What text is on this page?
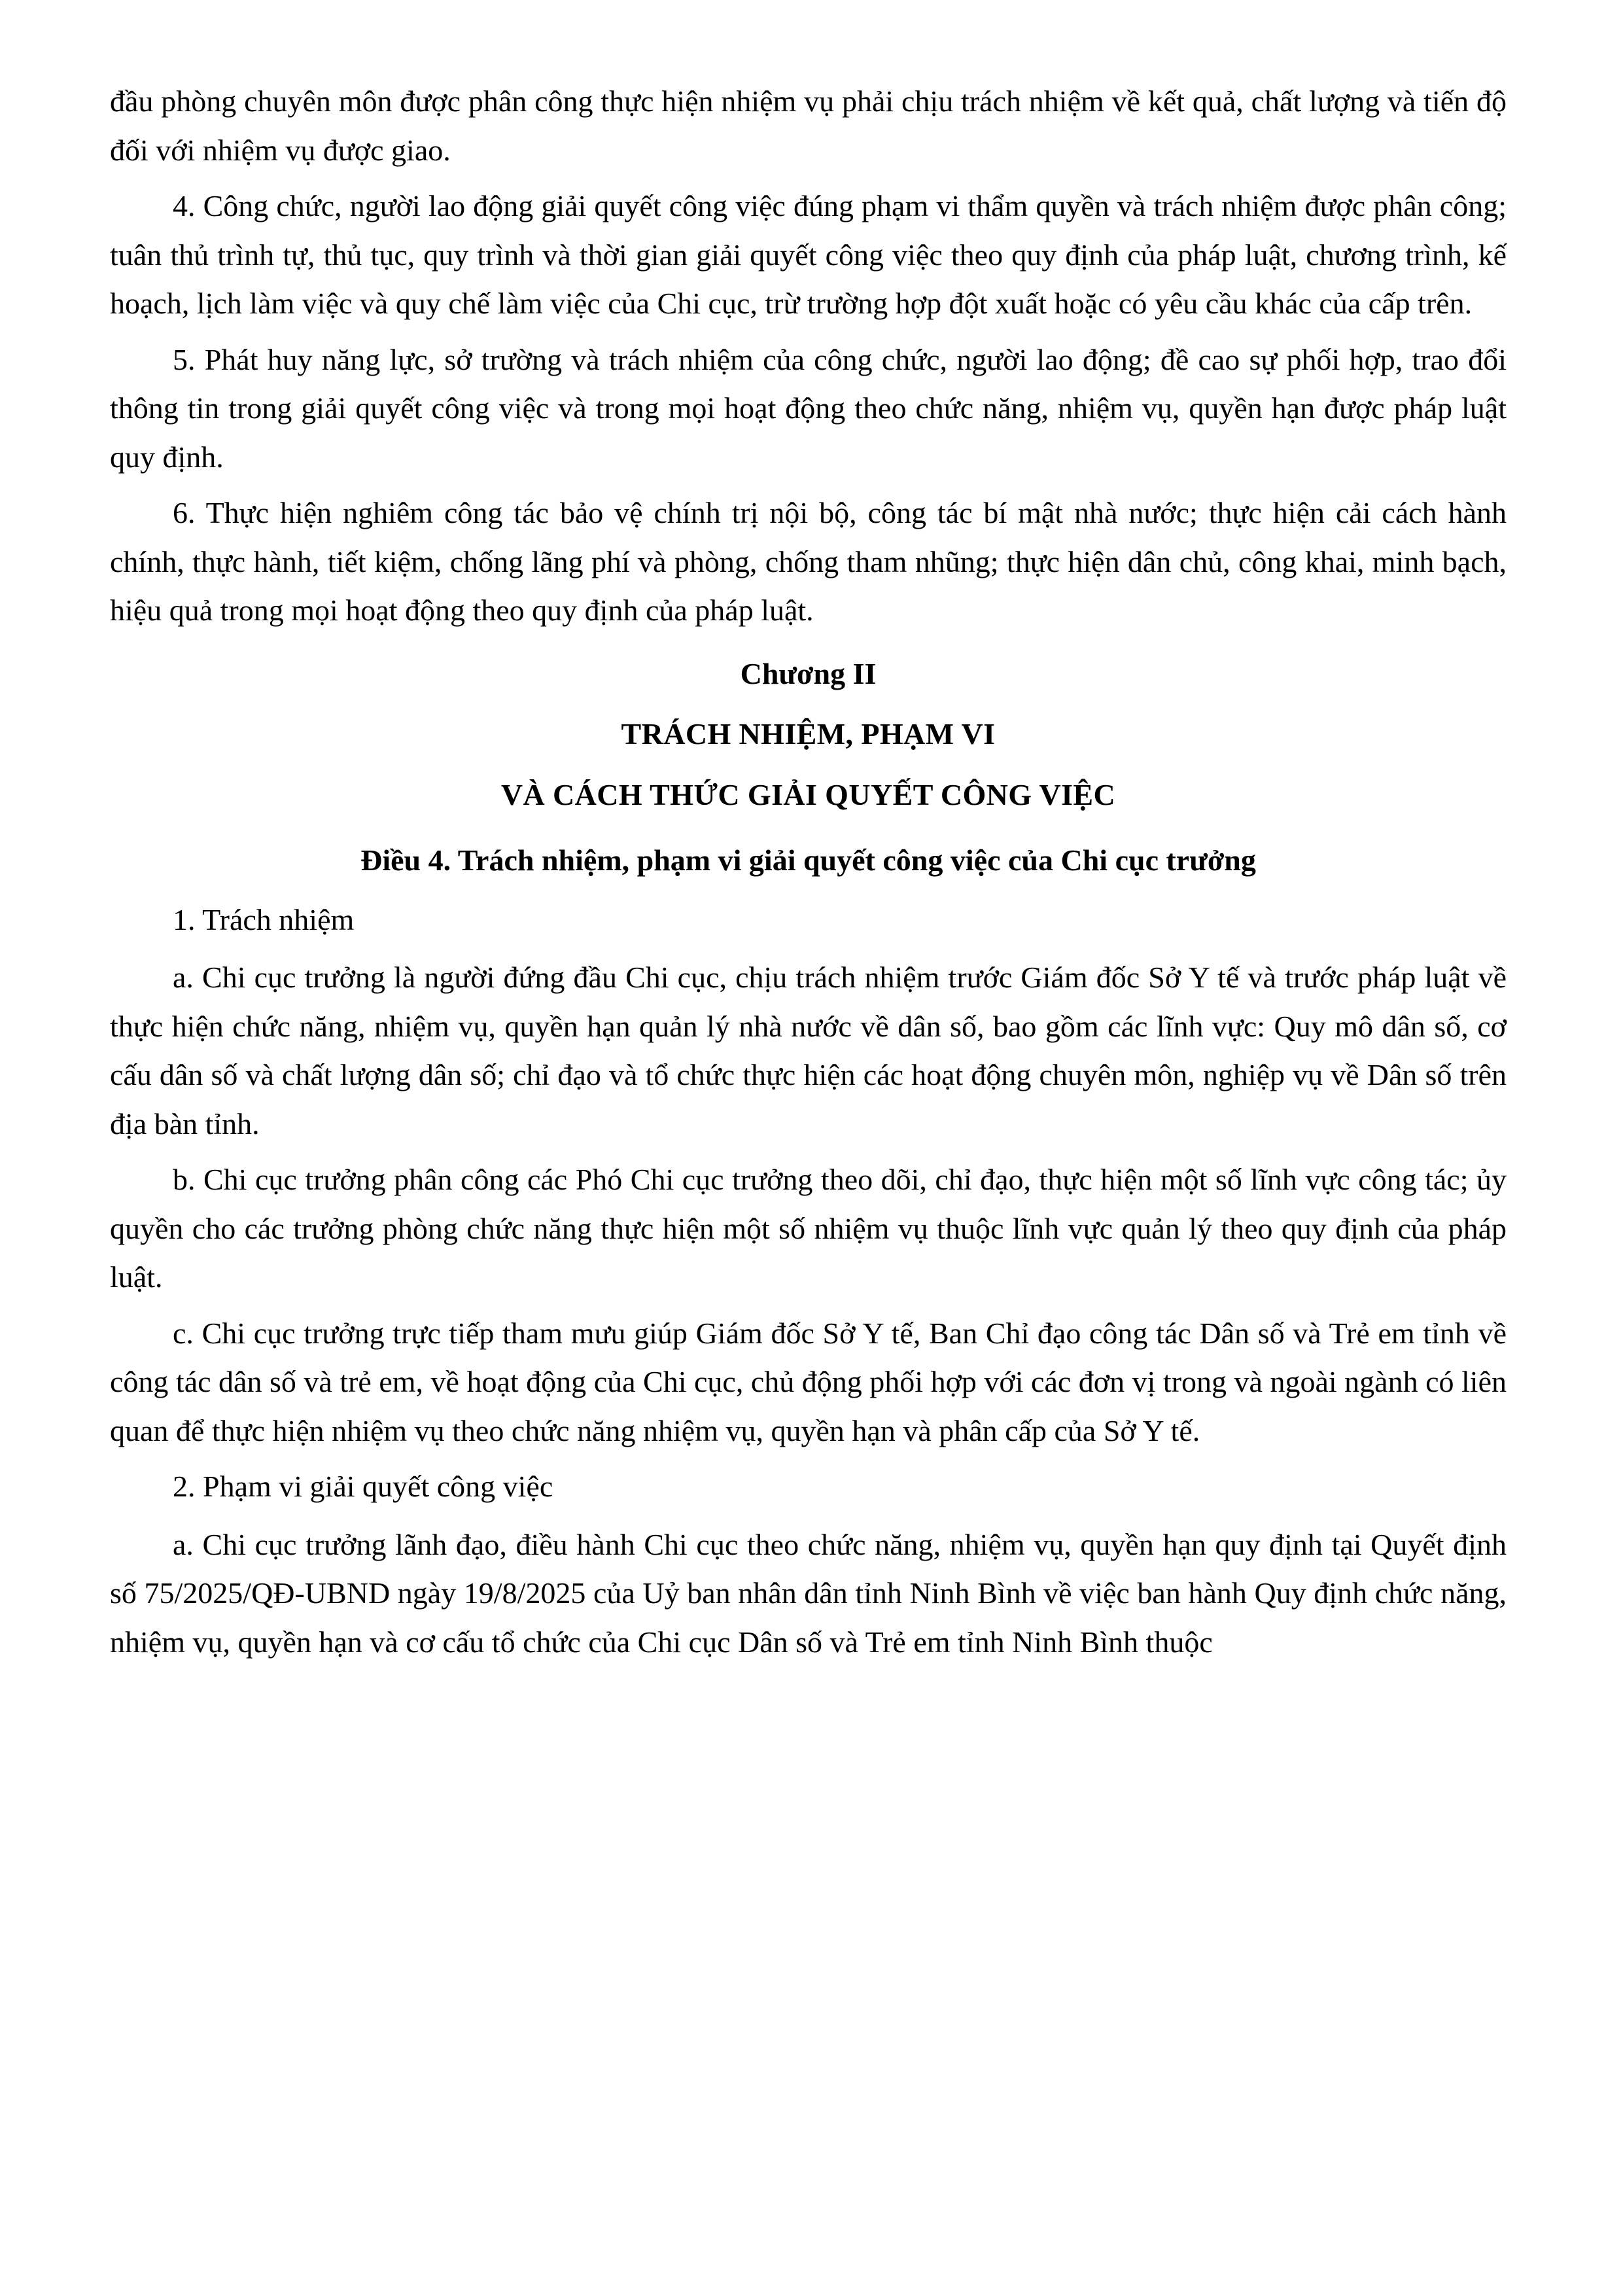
đầu phòng chuyên môn được phân công thực hiện nhiệm vụ phải chịu trách nhiệm về kết quả, chất lượng và tiến độ đối với nhiệm vụ được giao.

4. Công chức, người lao động giải quyết công việc đúng phạm vi thẩm quyền và trách nhiệm được phân công; tuân thủ trình tự, thủ tục, quy trình và thời gian giải quyết công việc theo quy định của pháp luật, chương trình, kế hoạch, lịch làm việc và quy chế làm việc của Chi cục, trừ trường hợp đột xuất hoặc có yêu cầu khác của cấp trên.

5. Phát huy năng lực, sở trường và trách nhiệm của công chức, người lao động; đề cao sự phối hợp, trao đổi thông tin trong giải quyết công việc và trong mọi hoạt động theo chức năng, nhiệm vụ, quyền hạn được pháp luật quy định.

6. Thực hiện nghiêm công tác bảo vệ chính trị nội bộ, công tác bí mật nhà nước; thực hiện cải cách hành chính, thực hành, tiết kiệm, chống lãng phí và phòng, chống tham nhũng; thực hiện dân chủ, công khai, minh bạch, hiệu quả trong mọi hoạt động theo quy định của pháp luật.

Chương II

TRÁCH NHIỆM, PHẠM VI

VÀ CÁCH THỨC GIẢI QUYẾT CÔNG VIỆC

Điều 4. Trách nhiệm, phạm vi giải quyết công việc của Chi cục trưởng

1. Trách nhiệm

a. Chi cục trưởng là người đứng đầu Chi cục, chịu trách nhiệm trước Giám đốc Sở Y tế và trước pháp luật về thực hiện chức năng, nhiệm vụ, quyền hạn quản lý nhà nước về dân số, bao gồm các lĩnh vực: Quy mô dân số, cơ cấu dân số và chất lượng dân số; chỉ đạo và tổ chức thực hiện các hoạt động chuyên môn, nghiệp vụ về Dân số trên địa bàn tỉnh.

b. Chi cục trưởng phân công các Phó Chi cục trưởng theo dõi, chỉ đạo, thực hiện một số lĩnh vực công tác; ủy quyền cho các trưởng phòng chức năng thực hiện một số nhiệm vụ thuộc lĩnh vực quản lý theo quy định của pháp luật.

c. Chi cục trưởng trực tiếp tham mưu giúp Giám đốc Sở Y tế, Ban Chỉ đạo công tác Dân số và Trẻ em tỉnh về công tác dân số và trẻ em, về hoạt động của Chi cục, chủ động phối hợp với các đơn vị trong và ngoài ngành có liên quan để thực hiện nhiệm vụ theo chức năng nhiệm vụ, quyền hạn và phân cấp của Sở Y tế.

2. Phạm vi giải quyết công việc

a. Chi cục trưởng lãnh đạo, điều hành Chi cục theo chức năng, nhiệm vụ, quyền hạn quy định tại Quyết định số 75/2025/QĐ-UBND ngày 19/8/2025 của Uỷ ban nhân dân tỉnh Ninh Bình về việc ban hành Quy định chức năng, nhiệm vụ, quyền hạn và cơ cấu tổ chức của Chi cục Dân số và Trẻ em tỉnh Ninh Bình thuộc
